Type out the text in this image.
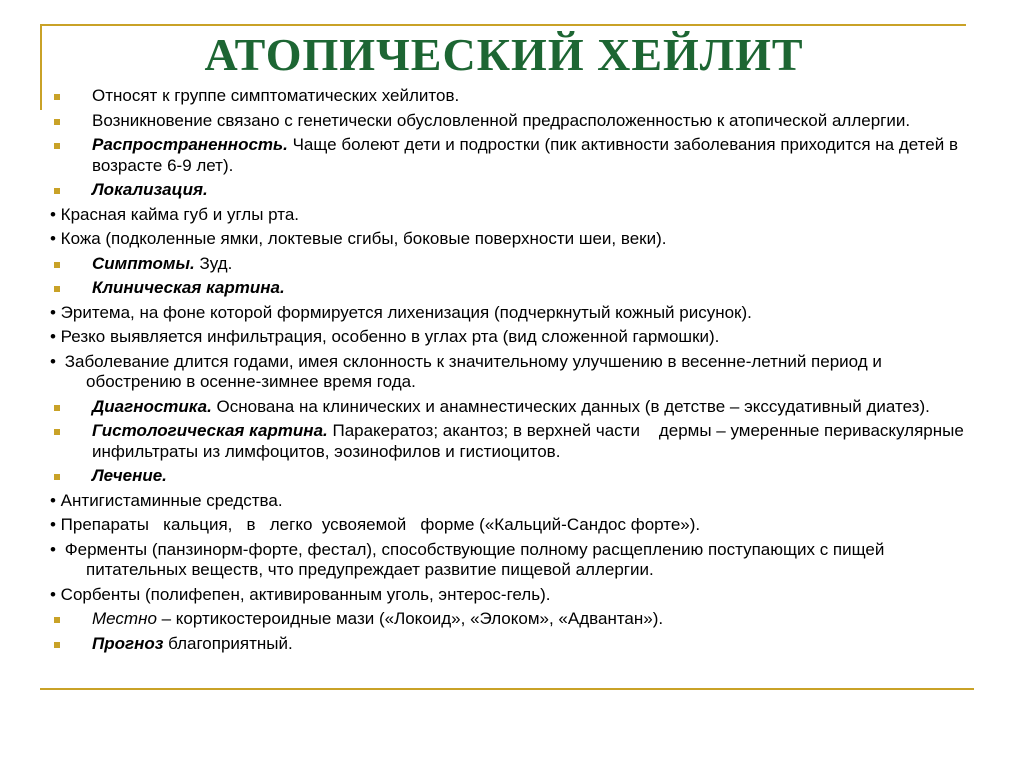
АТОПИЧЕСКИЙ ХЕЙЛИТ
Относят к группе симптоматических хейлитов.
Возникновение связано с генетически обусловленной предрасположенностью к атопической аллергии.
Распространенность. Чаще болеют дети и подростки (пик активности заболевания приходится на детей в возрасте 6-9 лет).
Локализация.
• Красная кайма губ и углы рта.
• Кожа (подколенные ямки, локтевые сгибы, боковые поверхности шеи, веки).
Симптомы. Зуд.
Клиническая картина.
• Эритема, на фоне которой формируется лихенизация (подчеркнутый кожный рисунок).
• Резко выявляется инфильтрация, особенно в углах рта (вид сложенной гармошки).
• Заболевание длится годами, имея склонность к значительному улучшению в весенне-летний период и обострению в осенне-зимнее время года.
Диагностика. Основана на клинических и анамнестических данных (в детстве – экссудативный диатез).
Гистологическая картина. Паракератоз; акантоз; в верхней части    дермы – умеренные периваскулярные инфильтраты из лимфоцитов, эозинофилов и гистиоцитов.
Лечение.
• Антигистаминные средства.
• Препараты   кальция,   в   легко  усвояемой   форме («Кальций-Сандос форте»).
• Ферменты (панзинорм-форте, фестал), способствующие полному расщеплению поступающих с пищей питательных веществ, что предупреждает развитие пищевой аллергии.
• Сорбенты (полифепен, активированным уголь, энтерос-гель).
Местно – кортикостероидные мази («Локоид», «Элоком», «Адвантан»).
Прогноз благоприятный.
